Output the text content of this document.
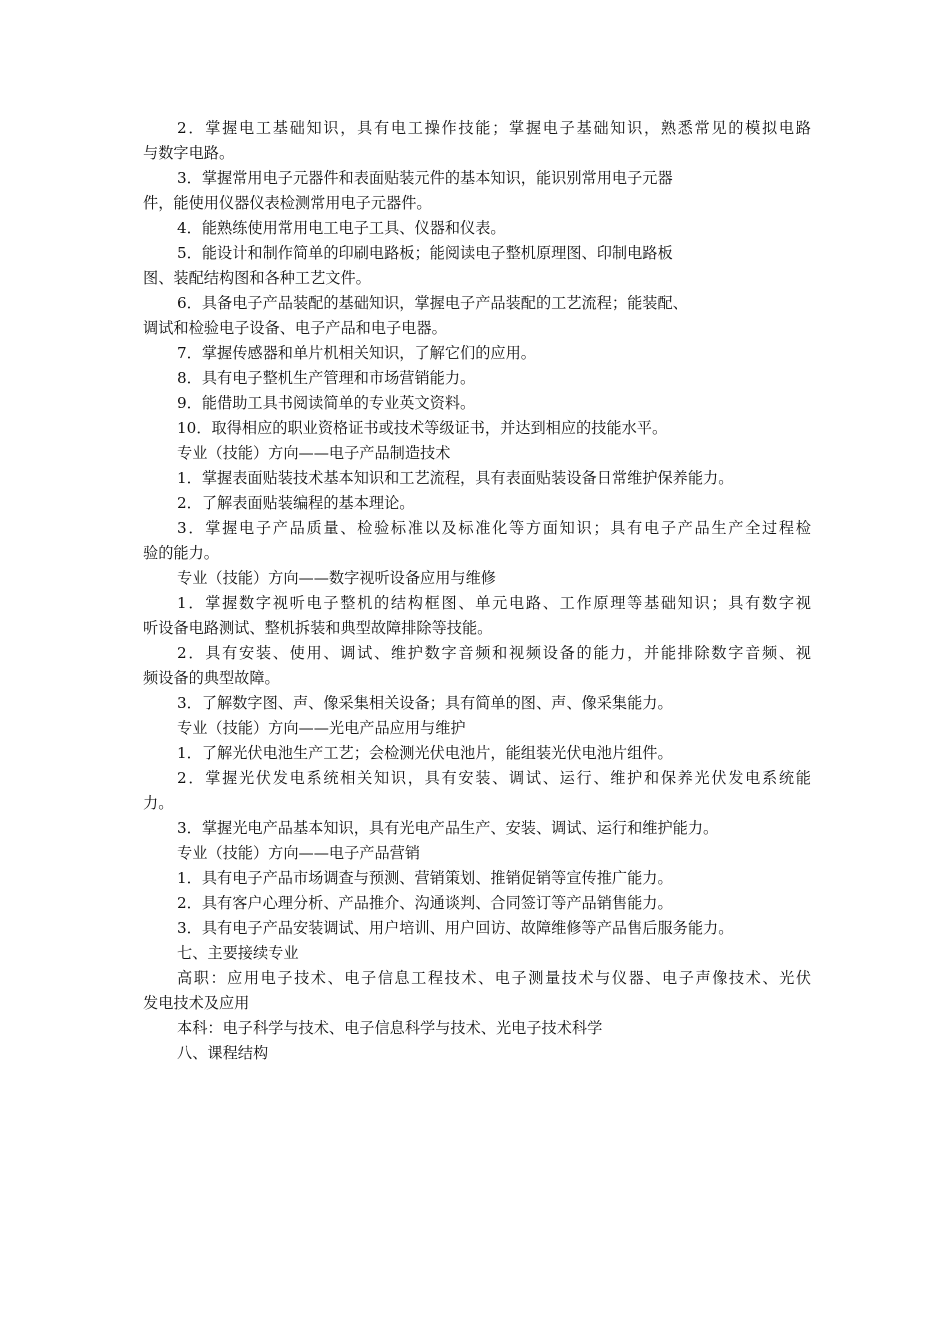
2．掌握电工基础知识，具有电工操作技能；掌握电子基础知识，熟悉常见的模拟电路

与数字电路。

3．掌握常用电子元器件和表面贴装元件的基本知识，能识别常用电子元器

件，能使用仪器仪表检测常用电子元器件。

4．能熟练使用常用电工电子工具、仪器和仪表。

5．能设计和制作简单的印刷电路板；能阅读电子整机原理图、印制电路板

图、装配结构图和各种工艺文件。

6．具备电子产品装配的基础知识，掌握电子产品装配的工艺流程；能装配、

调试和检验电子设备、电子产品和电子电器。

7．掌握传感器和单片机相关知识，了解它们的应用。

8．具有电子整机生产管理和市场营销能力。

9．能借助工具书阅读简单的专业英文资料。

10．取得相应的职业资格证书或技术等级证书，并达到相应的技能水平。

专业（技能）方向——电子产品制造技术

1．掌握表面贴装技术基本知识和工艺流程，具有表面贴装设备日常维护保养能力。

2．了解表面贴装编程的基本理论。

3．掌握电子产品质量、检验标准以及标准化等方面知识；具有电子产品生产全过程检

验的能力。

专业（技能）方向——数字视听设备应用与维修

1．掌握数字视听电子整机的结构框图、单元电路、工作原理等基础知识；具有数字视

听设备电路测试、整机拆装和典型故障排除等技能。

2．具有安装、使用、调试、维护数字音频和视频设备的能力，并能排除数字音频、视

频设备的典型故障。

3．了解数字图、声、像采集相关设备；具有简单的图、声、像采集能力。

专业（技能）方向——光电产品应用与维护

1．了解光伏电池生产工艺；会检测光伏电池片，能组装光伏电池片组件。

2．掌握光伏发电系统相关知识，具有安装、调试、运行、维护和保养光伏发电系统能

力。

3．掌握光电产品基本知识，具有光电产品生产、安装、调试、运行和维护能力。

专业（技能）方向——电子产品营销

1．具有电子产品市场调查与预测、营销策划、推销促销等宣传推广能力。

2．具有客户心理分析、产品推介、沟通谈判、合同签订等产品销售能力。

3．具有电子产品安装调试、用户培训、用户回访、故障维修等产品售后服务能力。

七、主要接续专业

高职：应用电子技术、电子信息工程技术、电子测量技术与仪器、电子声像技术、光伏

发电技术及应用

本科：电子科学与技术、电子信息科学与技术、光电子技术科学

八、课程结构
